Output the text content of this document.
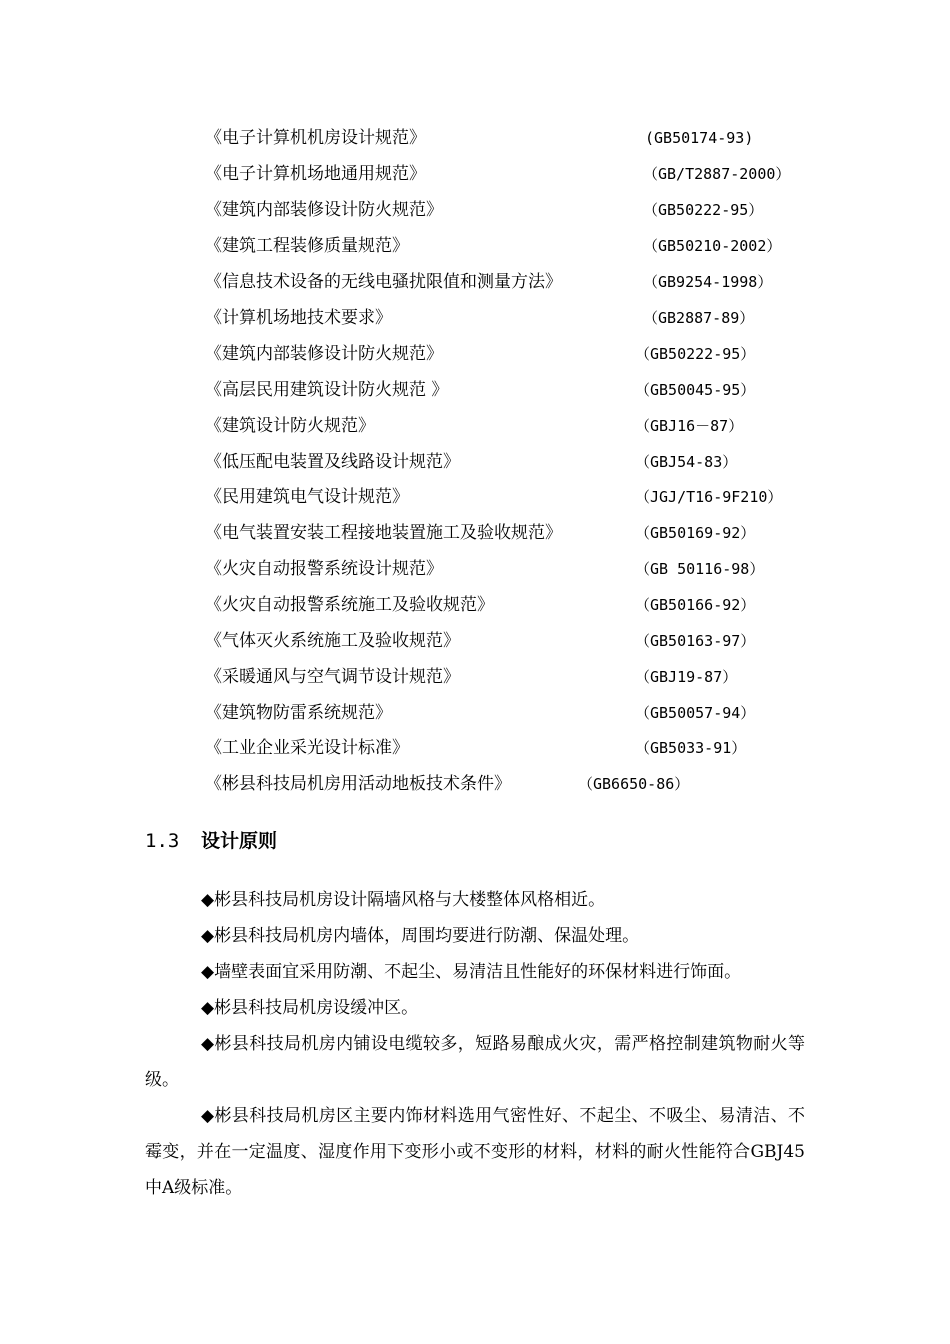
《电子计算机机房设计规范》	(GB50174-93)
《电子计算机场地通用规范》	（GB/T2887-2000）
《建筑内部装修设计防火规范》	（GB50222-95）
《建筑工程装修质量规范》	（GB50210-2002）
《信息技术设备的无线电骚扰限值和测量方法》	（GB9254-1998）
《计算机场地技术要求》	（GB2887-89）
《建筑内部装修设计防火规范》	（GB50222-95）
《高层民用建筑设计防火规范 》	（GB50045-95）
《建筑设计防火规范》	（GBJ16－87）
《低压配电装置及线路设计规范》	（GBJ54-83）
《民用建筑电气设计规范》	（JGJ/T16-9F210）
《电气装置安装工程接地装置施工及验收规范》	（GB50169-92）
《火灾自动报警系统设计规范》	（GB 50116-98）
《火灾自动报警系统施工及验收规范》	（GB50166-92）
《气体灭火系统施工及验收规范》	（GB50163-97）
《采暖通风与空气调节设计规范》	（GBJ19-87）
《建筑物防雷系统规范》	（GB50057-94）
《工业企业采光设计标准》	（GB5033-91）
《彬县科技局机房用活动地板技术条件》	（GB6650-86）
1.3 设计原则

◆彬县科技局机房设计隔墙风格与大楼整体风格相近。

◆彬县科技局机房内墙体，周围均要进行防潮、保温处理。

◆墙壁表面宜采用防潮、不起尘、易清洁且性能好的环保材料进行饰面。

◆彬县科技局机房设缓冲区。

◆彬县科技局机房内铺设电缆较多，短路易酿成火灾，需严格控制建筑物耐火等级。

◆彬县科技局机房区主要内饰材料选用气密性好、不起尘、不吸尘、易清洁、不霉变，并在一定温度、湿度作用下变形小或不变形的材料，材料的耐火性能符合GBJ45中A级标准。
